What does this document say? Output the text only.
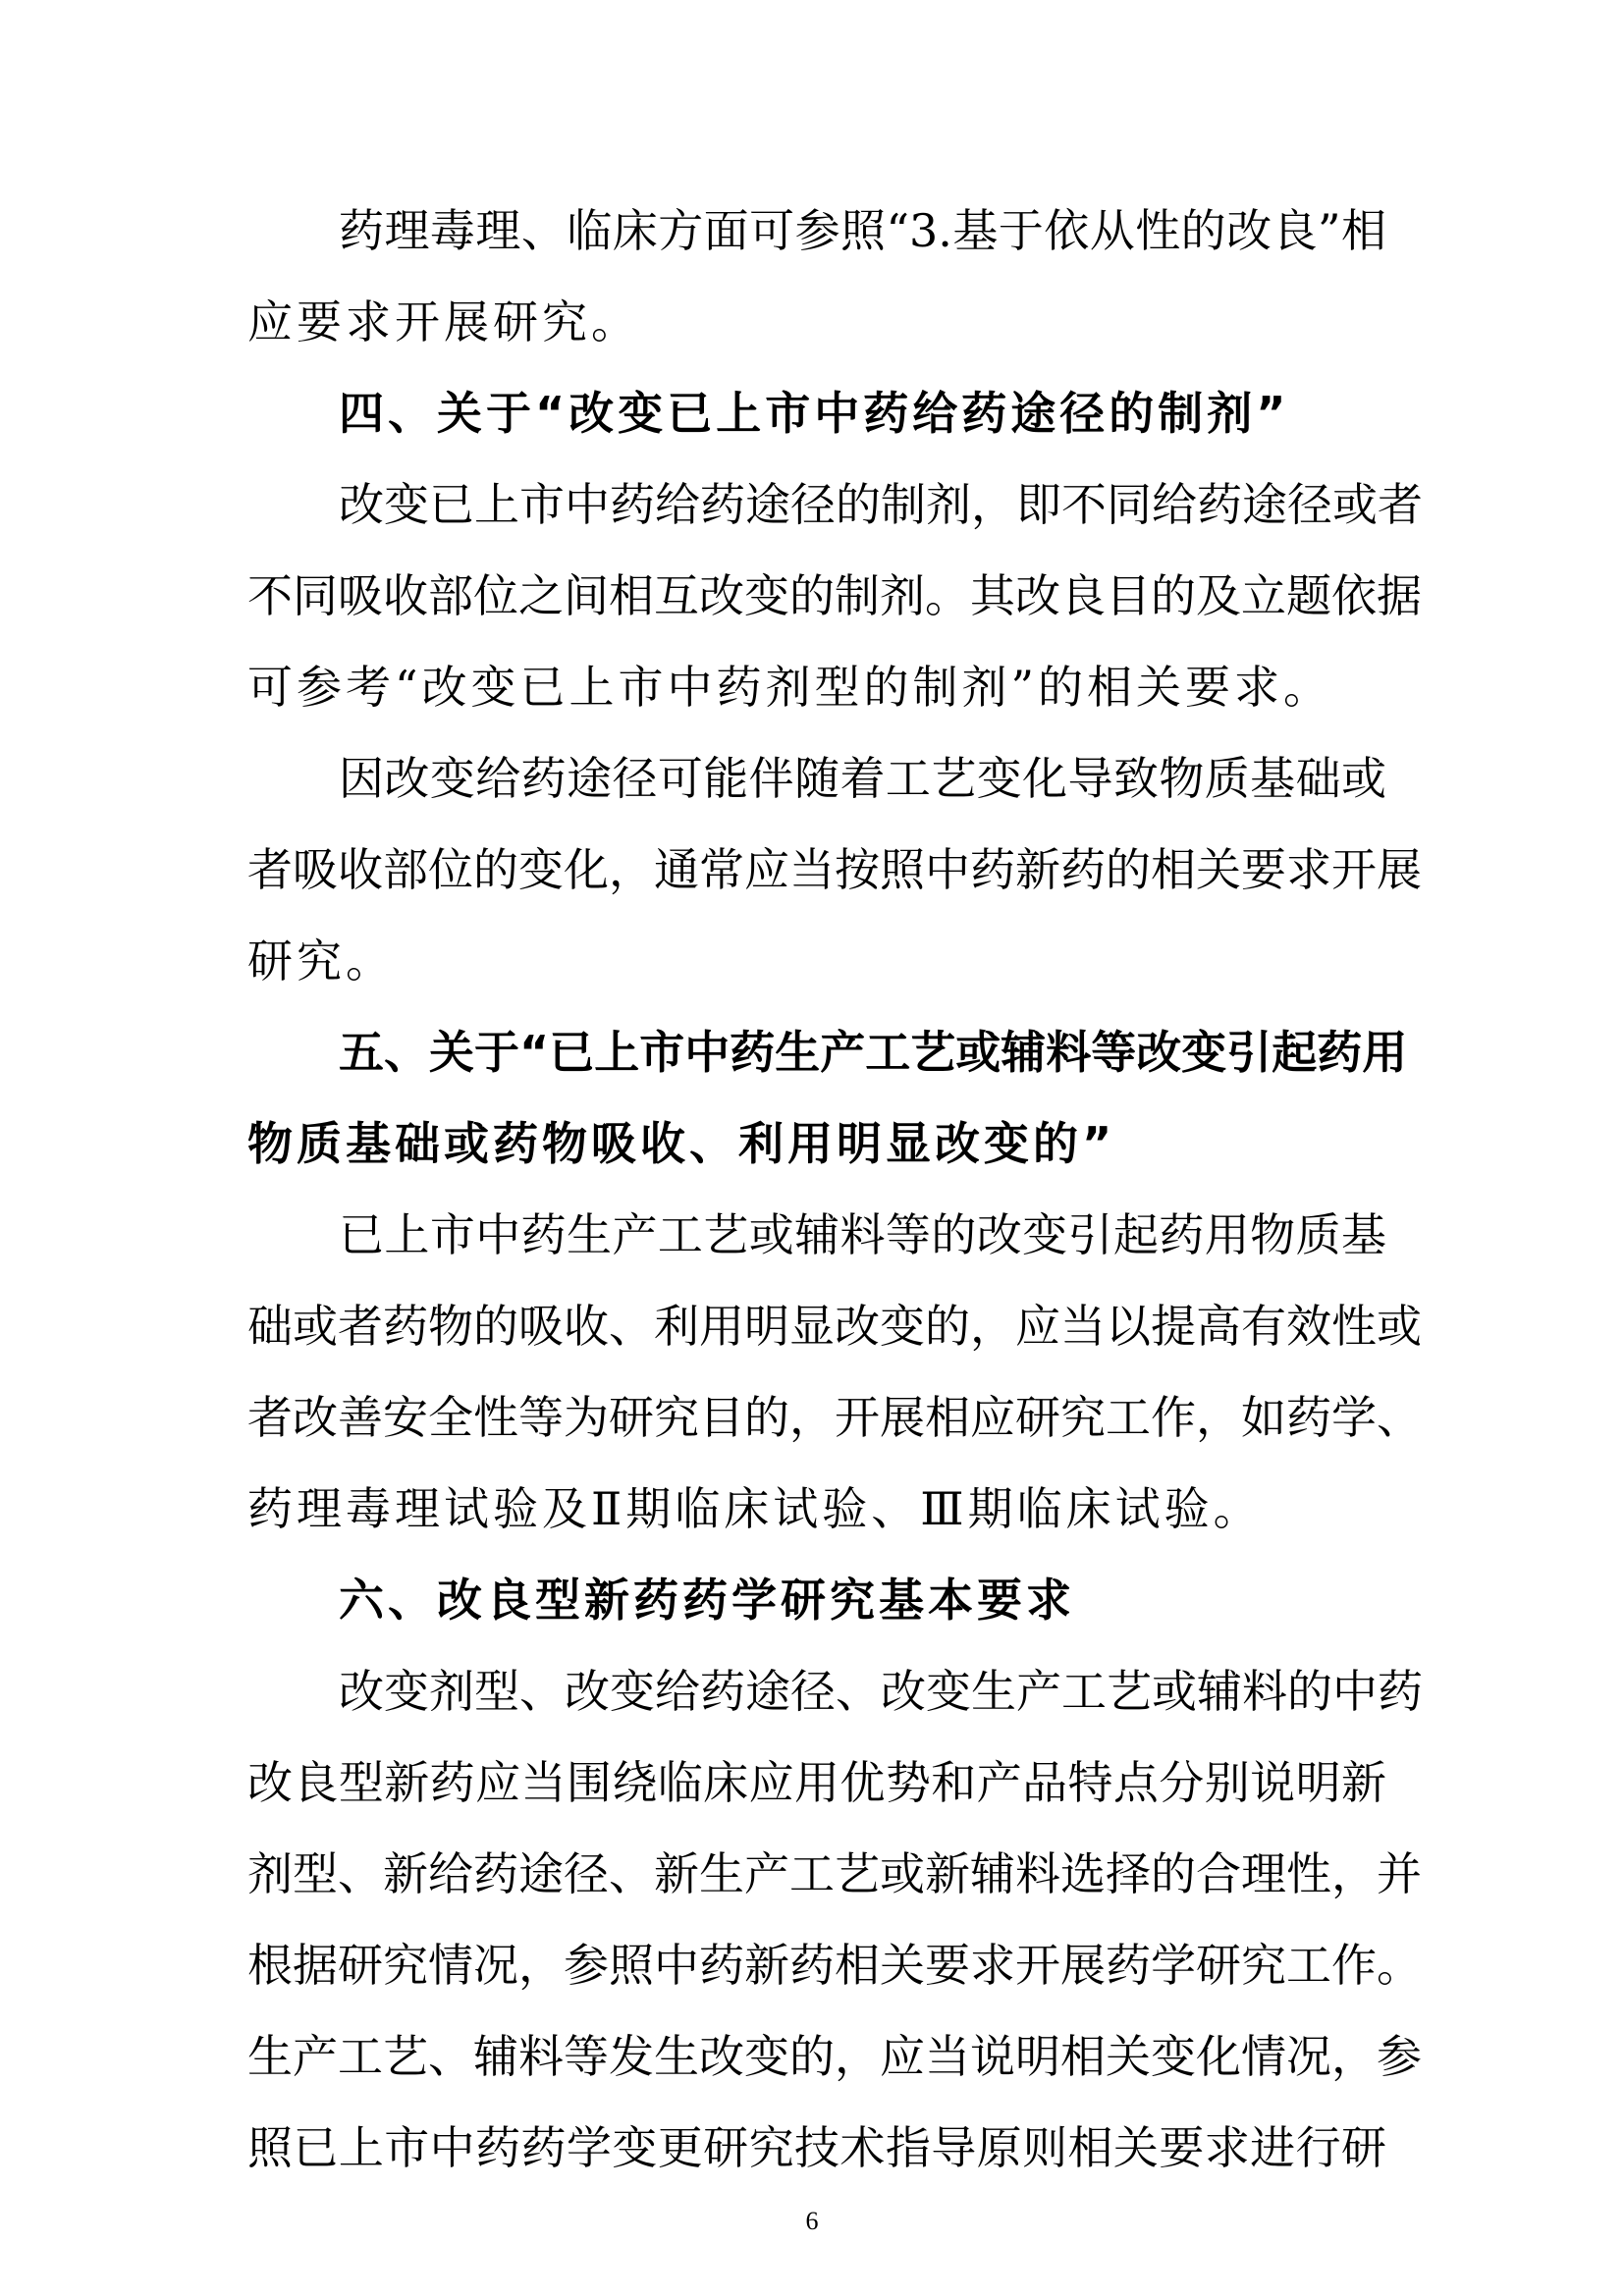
药理毒理、临床方面可参照“3.基于依从性的改良”相
应要求开展研究。
四、关于“改变已上市中药给药途径的制剂”
改变已上市中药给药途径的制剂，即不同给药途径或者
不同吸收部位之间相互改变的制剂。其改良目的及立题依据
可参考“改变已上市中药剂型的制剂”的相关要求。
因改变给药途径可能伴随着工艺变化导致物质基础或
者吸收部位的变化，通常应当按照中药新药的相关要求开展
研究。
五、关于“已上市中药生产工艺或辅料等改变引起药用
物质基础或药物吸收、利用明显改变的”
已上市中药生产工艺或辅料等的改变引起药用物质基
础或者药物的吸收、利用明显改变的，应当以提高有效性或
者改善安全性等为研究目的，开展相应研究工作，如药学、
药理毒理试验及Ⅱ期临床试验、Ⅲ期临床试验。
六、改良型新药药学研究基本要求
改变剂型、改变给药途径、改变生产工艺或辅料的中药
改良型新药应当围绕临床应用优势和产品特点分别说明新
剂型、新给药途径、新生产工艺或新辅料选择的合理性，并
根据研究情况，参照中药新药相关要求开展药学研究工作。
生产工艺、辅料等发生改变的，应当说明相关变化情况，参
照已上市中药药学变更研究技术指导原则相关要求进行研
6
